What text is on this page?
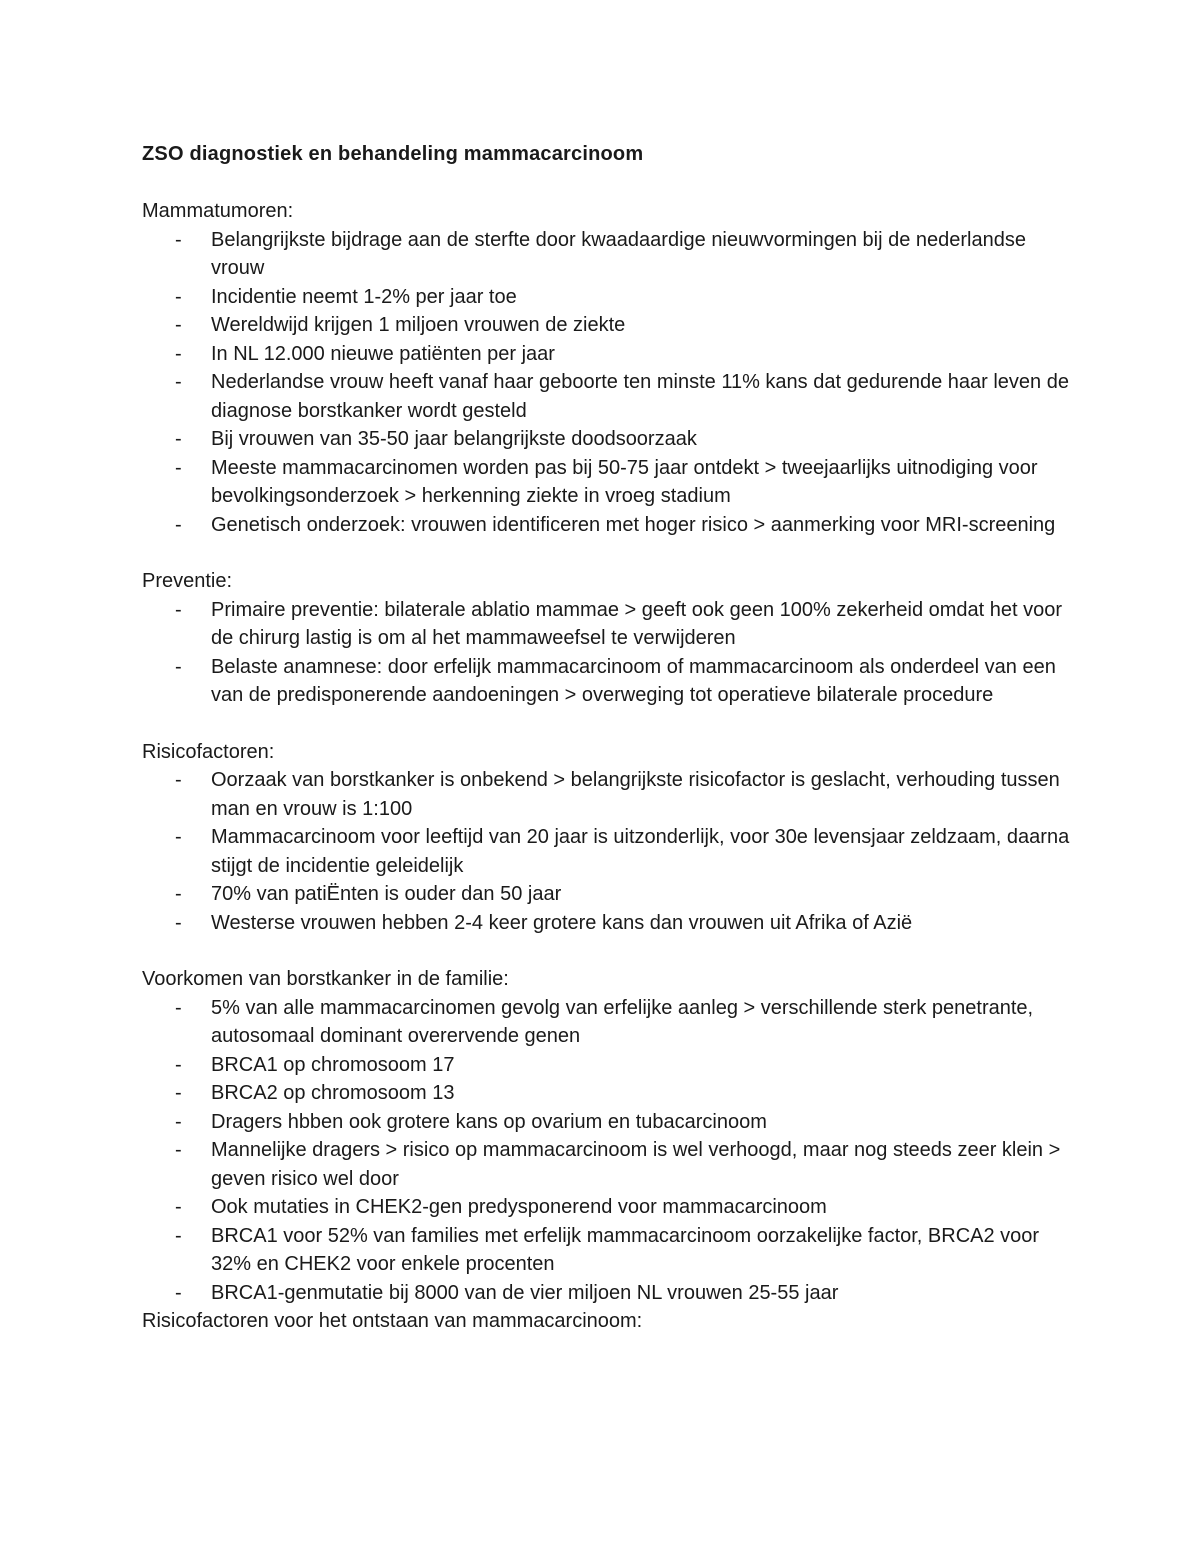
ZSO diagnostiek en behandeling mammacarcinoom

Mammatumoren:

- Belangrijkste bijdrage aan de sterfte door kwaadaardige nieuwvormingen bij de nederlandse vrouw
- Incidentie neemt 1-2% per jaar toe
- Wereldwijd krijgen 1 miljoen vrouwen de ziekte
- In NL 12.000 nieuwe patiënten per jaar
- Nederlandse vrouw heeft vanaf haar geboorte ten minste 11% kans dat gedurende haar leven de diagnose borstkanker wordt gesteld
- Bij vrouwen van 35-50 jaar belangrijkste doodsoorzaak
- Meeste mammacarcinomen worden pas bij 50-75 jaar ontdekt > tweejaarlijks uitnodiging voor bevolkingsonderzoek > herkenning ziekte in vroeg stadium
- Genetisch onderzoek: vrouwen identificeren met hoger risico > aanmerking voor MRI-screening

Preventie:

- Primaire preventie: bilaterale ablatio mammae > geeft ook geen 100% zekerheid omdat het voor de chirurg lastig is om al het mammaweefsel te verwijderen
- Belaste anamnese: door erfelijk mammacarcinoom of mammacarcinoom als onderdeel van een van de predisponerende aandoeningen > overweging tot operatieve bilaterale procedure

Risicofactoren:

- Oorzaak van borstkanker is onbekend > belangrijkste risicofactor is geslacht, verhouding tussen man en vrouw is 1:100
- Mammacarcinoom voor leeftijd van 20 jaar is uitzonderlijk, voor 30e levensjaar zeldzaam, daarna stijgt de incidentie geleidelijk
- 70% van patiËnten is ouder dan 50 jaar
- Westerse vrouwen hebben 2-4 keer grotere kans dan vrouwen uit Afrika of Azië

Voorkomen van borstkanker in de familie:

- 5% van alle mammacarcinomen gevolg van erfelijke aanleg > verschillende sterk penetrante, autosomaal dominant overervende genen
- BRCA1 op chromosoom 17
- BRCA2 op chromosoom 13
- Dragers hbben ook grotere kans op ovarium en tubacarcinoom
- Mannelijke dragers > risico op mammacarcinoom is wel verhoogd, maar nog steeds zeer klein > geven risico wel door
- Ook mutaties in CHEK2-gen predysponerend voor mammacarcinoom
- BRCA1 voor 52% van families met erfelijk mammacarcinoom oorzakelijke factor, BRCA2 voor 32% en CHEK2 voor enkele procenten
- BRCA1-genmutatie bij 8000 van de vier miljoen NL vrouwen 25-55 jaar

Risicofactoren voor het ontstaan van mammacarcinoom:
